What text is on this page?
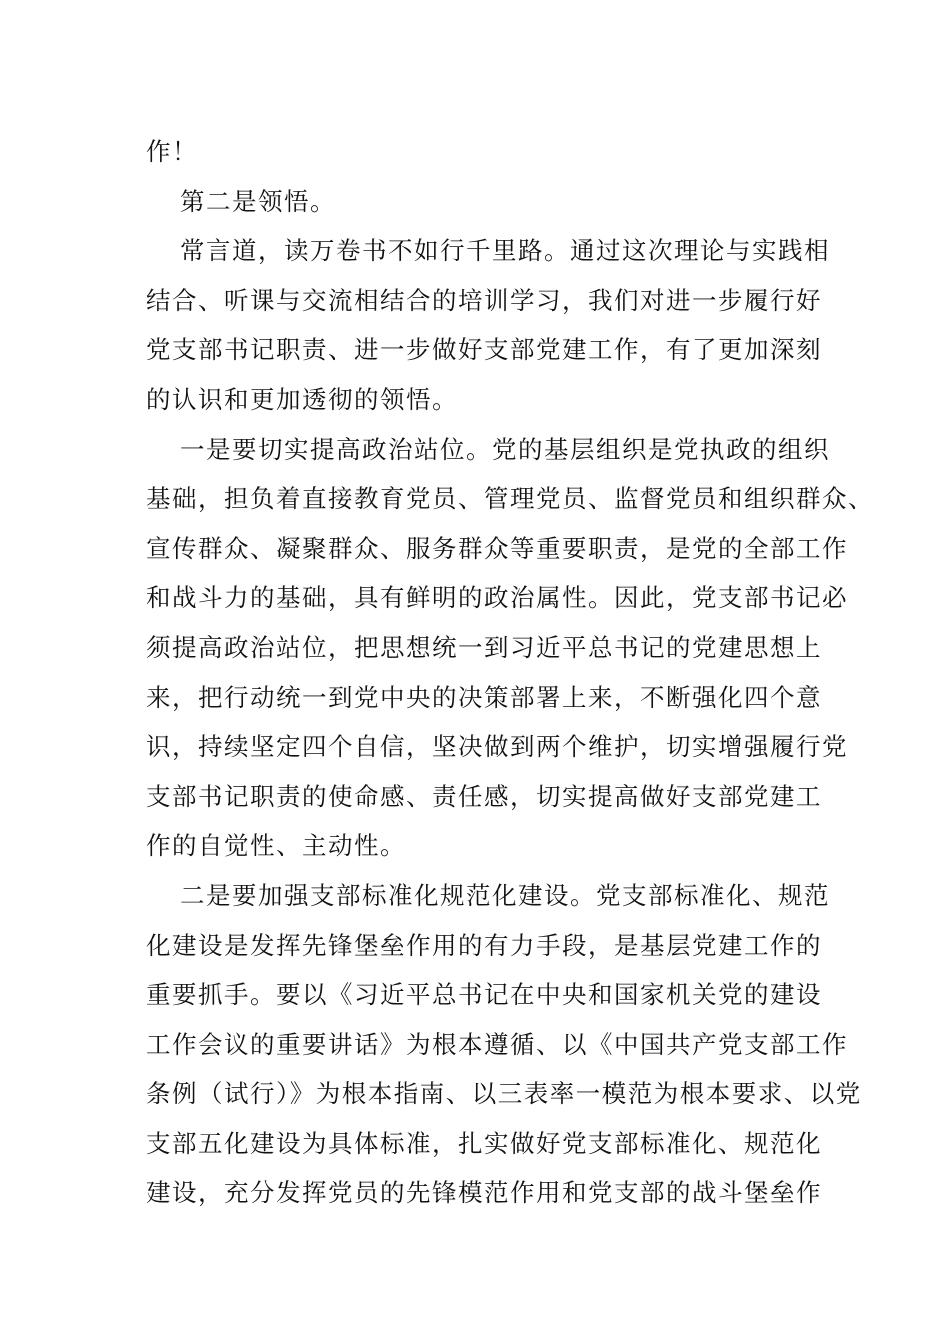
作！
第二是领悟。
常言道，读万卷书不如行千里路。通过这次理论与实践相
结合、听课与交流相结合的培训学习，我们对进一步履行好
党支部书记职责、进一步做好支部党建工作，有了更加深刻
的认识和更加透彻的领悟。
一是要切实提高政治站位。党的基层组织是党执政的组织
基础，担负着直接教育党员、管理党员、监督党员和组织群众、
宣传群众、凝聚群众、服务群众等重要职责，是党的全部工作
和战斗力的基础，具有鲜明的政治属性。因此，党支部书记必
须提高政治站位，把思想统一到习近平总书记的党建思想上
来，把行动统一到党中央的决策部署上来，不断强化四个意
识，持续坚定四个自信，坚决做到两个维护，切实增强履行党
支部书记职责的使命感、责任感，切实提高做好支部党建工
作的自觉性、主动性。
二是要加强支部标准化规范化建设。党支部标准化、规范
化建设是发挥先锋堡垒作用的有力手段，是基层党建工作的
重要抓手。要以《习近平总书记在中央和国家机关党的建设
工作会议的重要讲话》为根本遵循、以《中国共产党支部工作
条例（试行）》为根本指南、以三表率一模范为根本要求、以党
支部五化建设为具体标准，扎实做好党支部标准化、规范化
建设，充分发挥党员的先锋模范作用和党支部的战斗堡垒作
